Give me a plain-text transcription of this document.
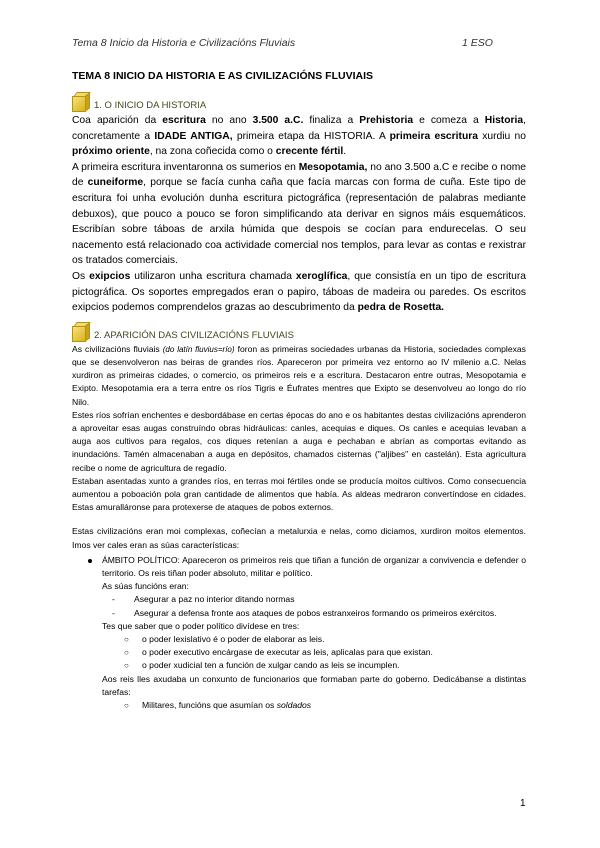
Tema 8 Inicio da Historia e Civilizacións Fluviais	1 ESO
TEMA 8 INICIO DA HISTORIA E AS CIVILIZACIÓNS FLUVIAIS
1. O INICIO DA HISTORIA

Coa aparición da escritura no ano 3.500 a.C. finaliza a Prehistoria e comeza a Historia, concretamente a IDADE ANTIGA, primeira etapa da HISTORIA. A primeira escritura xurdiu no próximo oriente, na zona coñecida como o crecente fértil.

A primeira escritura inventaronna os sumerios en Mesopotamia, no ano 3.500 a.C e recibe o nome de cuneiforme, porque se facía cunha caña que facía marcas con forma de cuña. Este tipo de escritura foi unha evolución dunha escritura pictográfica (representación de palabras mediante debuxos), que pouco a pouco se foron simplificando ata derivar en signos máis esquemáticos. Escribían sobre táboas de arxila húmida que despois se cocían para endurecelas. O seu nacemento está relacionado coa actividade comercial nos templos, para levar as contas e rexistrar os tratados comerciais.

Os exipcios utilizaron unha escritura chamada xeroglífica, que consistía en un tipo de escritura pictográfica. Os soportes empregados eran o papiro, táboas de madeira ou paredes. Os escritos exipcios podemos comprendelos grazas ao descubrimento da pedra de Rosetta.

2. APARICIÓN DAS CIVILIZACIÓNS FLUVIAIS

As civilizacións fluviais (do latín fluvius=río) foron as primeiras sociedades urbanas da Historia, sociedades complexas que se desenvolveron nas beiras de grandes ríos. Apareceron por primeira vez entorno ao IV milenio a.C. Nelas xurdiron as primeiras cidades, o comercio, os primeiros reis e a escritura. Destacaron entre outras, Mesopotamia e Exipto. Mesopotamia era a terra entre os ríos Tigris e Éufrates mentres que Exipto se desenvolveu ao longo do río Nilo.

Estes ríos sofrían enchentes e desbordábase en certas épocas do ano e os habitantes destas civilizacións aprenderon a aproveitar esas augas construíndo obras hidráulicas: canles, acequias e diques. Os canles e acequias levaban a auga aos cultivos para regalos, cos diques retenían a auga e pechaban e abrían as comportas evitando as inundacións. Tamén almacenaban a auga en depósitos, chamados cisternas ("aljibes" en castelán). Esta agricultura recibe o nome de agricultura de regadío.

Estaban asentadas xunto a grandes ríos, en terras moi fértiles onde se producía moitos cultivos. Como consecuencia aumentou a poboación pola gran cantidade de alimentos que había. As aldeas medraron convertíndose en cidades. Estas amuralláronse para protexerse de ataques de pobos externos.

Estas civilizacións eran moi complexas, coñecían a metalurxia e nelas, como diciamos, xurdiron moitos elementos. Imos ver cales eran as súas características:

ÁMBITO POLÍTICO: Apareceron os primeiros reis que tiñan a función de organizar a convivencia e defender o territorio. Os reis tiñan poder absoluto, militar e político.
As súas funcións eran:
- Asegurar a paz no interior ditando normas
- Asegurar a defensa fronte aos ataques de pobos estranxeiros formando os primeiros exércitos.
Tes que saber que o poder político divídese en tres:
○ o poder lexislativo é o poder de elaborar as leis.
○ o poder executivo encárgase de executar as leis, aplicalas para que existan.
○ o poder xudicial ten a función de xulgar cando as leis se incumplen.
Aos reis lles axudaba un conxunto de funcionarios que formaban parte do goberno. Dedicábanse a distintas tarefas:
○ Militares, funcións que asumían os soldados
1
